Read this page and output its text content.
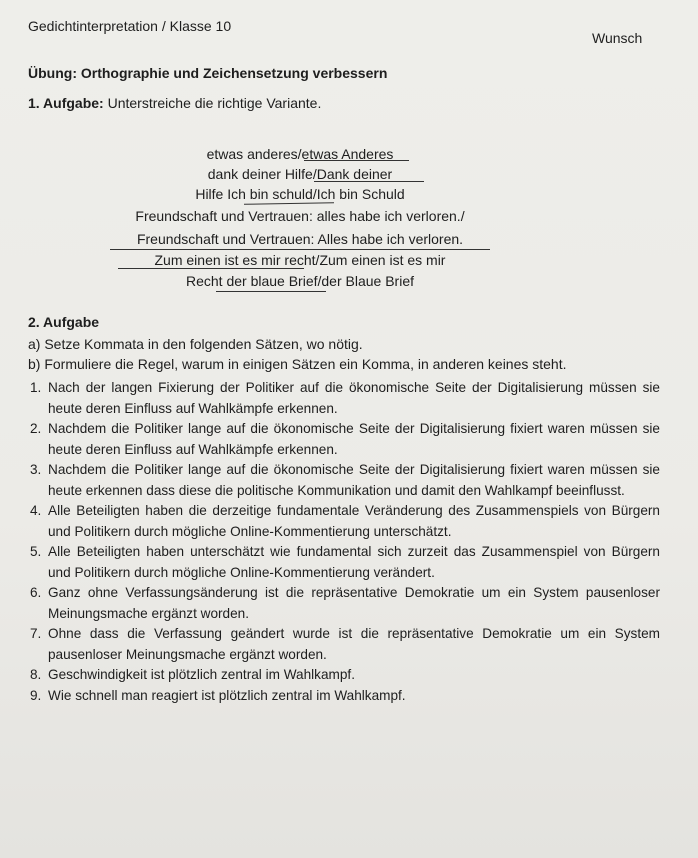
Gedichtinterpretation / Klasse 10
Wunsch
Übung: Orthographie und Zeichensetzung verbessern
1. Aufgabe: Unterstreiche die richtige Variante.
etwas anderes/etwas Anderes
dank deiner Hilfe/Dank deiner
Hilfe Ich bin schuld/Ich bin Schuld
Freundschaft und Vertrauen: alles habe ich verloren./
Freundschaft und Vertrauen: Alles habe ich verloren.
Zum einen ist es mir recht/Zum einen ist es mir
Recht der blaue Brief/der Blaue Brief
2. Aufgabe
a) Setze Kommata in den folgenden Sätzen, wo nötig.
b) Formuliere die Regel, warum in einigen Sätzen ein Komma, in anderen keines steht.
1. Nach der langen Fixierung der Politiker auf die ökonomische Seite der Digitalisierung müssen sie heute deren Einfluss auf Wahlkämpfe erkennen.
2. Nachdem die Politiker lange auf die ökonomische Seite der Digitalisierung fixiert waren müssen sie heute deren Einfluss auf Wahlkämpfe erkennen.
3. Nachdem die Politiker lange auf die ökonomische Seite der Digitalisierung fixiert waren müssen sie heute erkennen dass diese die politische Kommunikation und damit den Wahlkampf beeinflusst.
4. Alle Beteiligten haben die derzeitige fundamentale Veränderung des Zusammenspiels von Bürgern und Politikern durch mögliche Online-Kommentierung unterschätzt.
5. Alle Beteiligten haben unterschätzt wie fundamental sich zurzeit das Zusammenspiel von Bürgern und Politikern durch mögliche Online-Kommentierung verändert.
6. Ganz ohne Verfassungsänderung ist die repräsentative Demokratie um ein System pausenloser Meinungsmache ergänzt worden.
7. Ohne dass die Verfassung geändert wurde ist die repräsentative Demokratie um ein System pausenloser Meinungsmache ergänzt worden.
8. Geschwindigkeit ist plötzlich zentral im Wahlkampf.
9. Wie schnell man reagiert ist plötzlich zentral im Wahlkampf.
